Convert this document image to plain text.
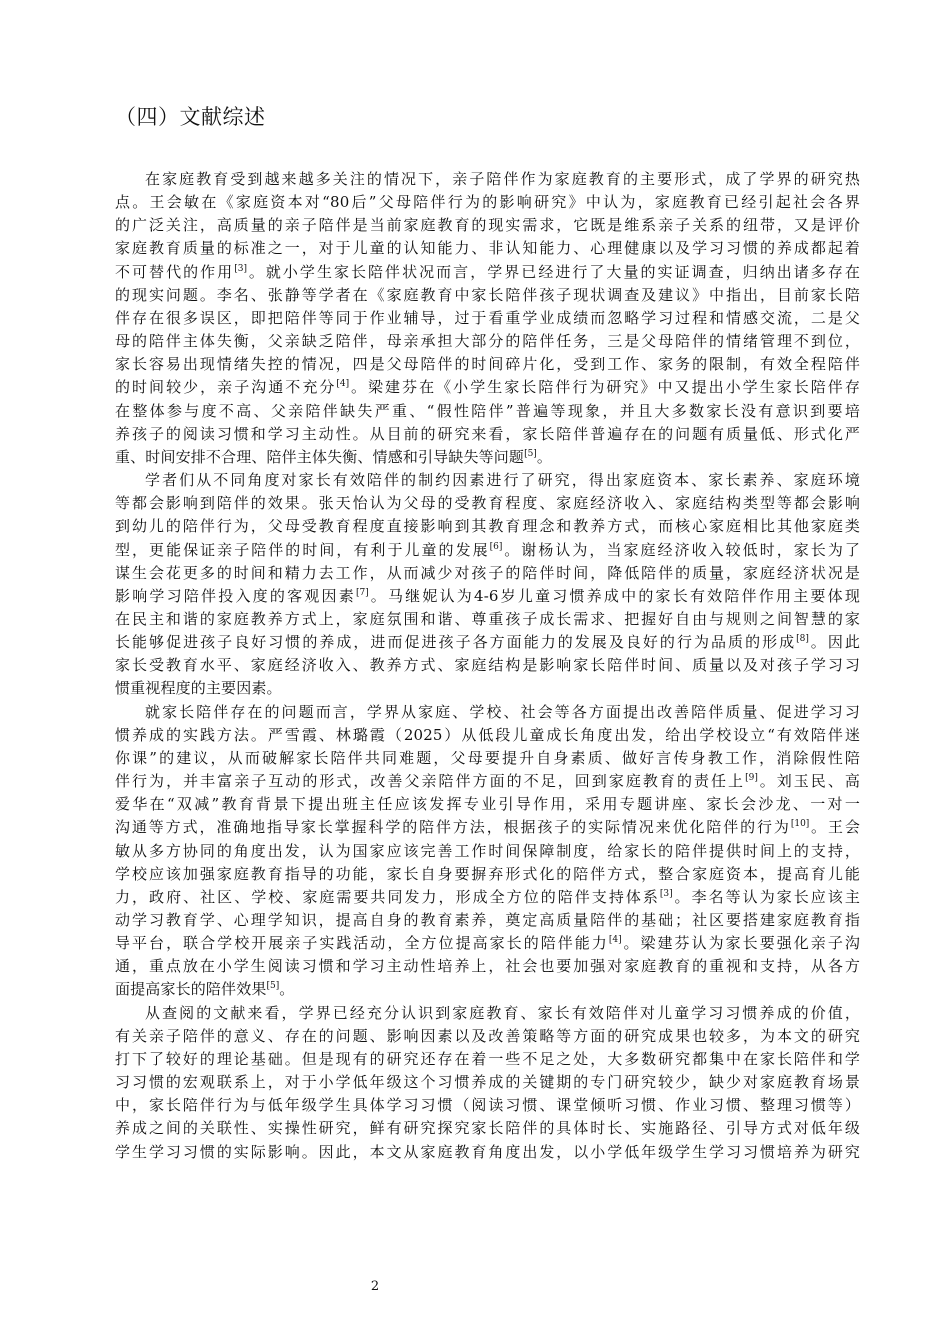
（四）文献综述
在家庭教育受到越来越多关注的情况下，亲子陪伴作为家庭教育的主要形式，成了学界的研究热
点。王会敏在《家庭资本对“80后”父母陪伴行为的影响研究》中认为，家庭教育已经引起社会各界
的广泛关注，高质量的亲子陪伴是当前家庭教育的现实需求，它既是维系亲子关系的纽带，又是评价
家庭教育质量的标准之一，对于儿童的认知能力、非认知能力、心理健康以及学习习惯的养成都起着
不可替代的作用[3]。就小学生家长陪伴状况而言，学界已经进行了大量的实证调查，归纳出诸多存在
的现实问题。李名、张静等学者在《家庭教育中家长陪伴孩子现状调查及建议》中指出，目前家长陪
伴存在很多误区，即把陪伴等同于作业辅导，过于看重学业成绩而忽略学习过程和情感交流，二是父
母的陪伴主体失衡，父亲缺乏陪伴，母亲承担大部分的陪伴任务，三是父母陪伴的情绪管理不到位，
家长容易出现情绪失控的情况，四是父母陪伴的时间碎片化，受到工作、家务的限制，有效全程陪伴
的时间较少，亲子沟通不充分[4]。梁建芬在《小学生家长陪伴行为研究》中又提出小学生家长陪伴存
在整体参与度不高、父亲陪伴缺失严重、“假性陪伴”普遍等现象，并且大多数家长没有意识到要培
养孩子的阅读习惯和学习主动性。从目前的研究来看，家长陪伴普遍存在的问题有质量低、形式化严
重、时间安排不合理、陪伴主体失衡、情感和引导缺失等问题[5]。
学者们从不同角度对家长有效陪伴的制约因素进行了研究，得出家庭资本、家长素养、家庭环境
等都会影响到陪伴的效果。张天怡认为父母的受教育程度、家庭经济收入、家庭结构类型等都会影响
到幼儿的陪伴行为，父母受教育程度直接影响到其教育理念和教养方式，而核心家庭相比其他家庭类
型，更能保证亲子陪伴的时间，有利于儿童的发展[6]。谢杨认为，当家庭经济收入较低时，家长为了
谋生会花更多的时间和精力去工作，从而减少对孩子的陪伴时间，降低陪伴的质量，家庭经济状况是
影响学习陪伴投入度的客观因素[7]。马继妮认为4-6岁儿童习惯养成中的家长有效陪伴作用主要体现
在民主和谐的家庭教养方式上，家庭氛围和谐、尊重孩子成长需求、把握好自由与规则之间智慧的家
长能够促进孩子良好习惯的养成，进而促进孩子各方面能力的发展及良好的行为品质的形成[8]。因此
家长受教育水平、家庭经济收入、教养方式、家庭结构是影响家长陪伴时间、质量以及对孩子学习习
惯重视程度的主要因素。
就家长陪伴存在的问题而言，学界从家庭、学校、社会等各方面提出改善陪伴质量、促进学习习
惯养成的实践方法。严雪霞、林璐霞（2025）从低段儿童成长角度出发，给出学校设立“有效陪伴迷
你课”的建议，从而破解家长陪伴共同难题，父母要提升自身素质、做好言传身教工作，消除假性陪
伴行为，并丰富亲子互动的形式，改善父亲陪伴方面的不足，回到家庭教育的责任上[9]。刘玉民、高
爱华在“双减”教育背景下提出班主任应该发挥专业引导作用，采用专题讲座、家长会沙龙、一对一
沟通等方式，准确地指导家长掌握科学的陪伴方法，根据孩子的实际情况来优化陪伴的行为[10]。王会
敏从多方协同的角度出发，认为国家应该完善工作时间保障制度，给家长的陪伴提供时间上的支持，
学校应该加强家庭教育指导的功能，家长自身要摒弃形式化的陪伴方式，整合家庭资本，提高育儿能
力，政府、社区、学校、家庭需要共同发力，形成全方位的陪伴支持体系[3]。李名等认为家长应该主
动学习教育学、心理学知识，提高自身的教育素养，奠定高质量陪伴的基础；社区要搭建家庭教育指
导平台，联合学校开展亲子实践活动，全方位提高家长的陪伴能力[4]。梁建芬认为家长要强化亲子沟
通，重点放在小学生阅读习惯和学习主动性培养上，社会也要加强对家庭教育的重视和支持，从各方
面提高家长的陪伴效果[5]。
从查阅的文献来看，学界已经充分认识到家庭教育、家长有效陪伴对儿童学习习惯养成的价值，
有关亲子陪伴的意义、存在的问题、影响因素以及改善策略等方面的研究成果也较多，为本文的研究
打下了较好的理论基础。但是现有的研究还存在着一些不足之处，大多数研究都集中在家长陪伴和学
习习惯的宏观联系上，对于小学低年级这个习惯养成的关键期的专门研究较少，缺少对家庭教育场景
中，家长陪伴行为与低年级学生具体学习习惯（阅读习惯、课堂倾听习惯、作业习惯、整理习惯等）
养成之间的关联性、实操性研究，鲜有研究探究家长陪伴的具体时长、实施路径、引导方式对低年级
学生学习习惯的实际影响。因此，本文从家庭教育角度出发，以小学低年级学生学习习惯培养为研究
2
